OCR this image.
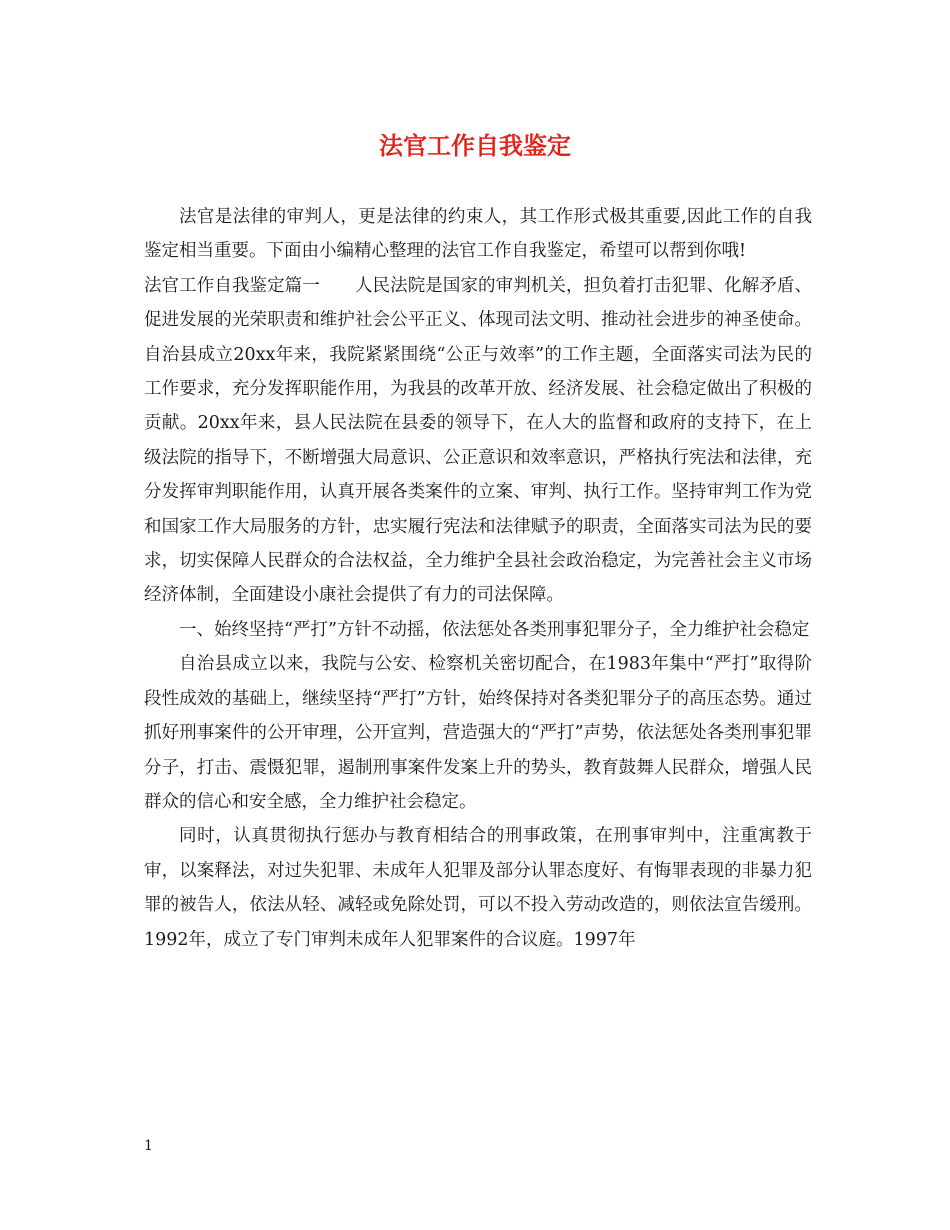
法官工作自我鉴定

法官是法律的审判人，更是法律的约束人，其工作形式极其重要,因此工作的自我鉴定相当重要。下面由小编精心整理的法官工作自我鉴定，希望可以帮到你哦!

法官工作自我鉴定篇一　　人民法院是国家的审判机关，担负着打击犯罪、化解矛盾、促进发展的光荣职责和维护社会公平正义、体现司法文明、推动社会进步的神圣使命。自治县成立20xx年来，我院紧紧围绕“公正与效率”的工作主题，全面落实司法为民的工作要求，充分发挥职能作用，为我县的改革开放、经济发展、社会稳定做出了积极的贡献。20xx年来，县人民法院在县委的领导下，在人大的监督和政府的支持下，在上级法院的指导下，不断增强大局意识、公正意识和效率意识，严格执行宪法和法律，充分发挥审判职能作用，认真开展各类案件的立案、审判、执行工作。坚持审判工作为党和国家工作大局服务的方针，忠实履行宪法和法律赋予的职责，全面落实司法为民的要求，切实保障人民群众的合法权益，全力维护全县社会政治稳定，为完善社会主义市场经济体制，全面建设小康社会提供了有力的司法保障。

一、始终坚持“严打”方针不动摇，依法惩处各类刑事犯罪分子，全力维护社会稳定

自治县成立以来，我院与公安、检察机关密切配合，在1983年集中“严打”取得阶段性成效的基础上，继续坚持“严打”方针，始终保持对各类犯罪分子的高压态势。通过抓好刑事案件的公开审理，公开宣判，营造强大的“严打”声势，依法惩处各类刑事犯罪分子，打击、震慑犯罪，遏制刑事案件发案上升的势头，教育鼓舞人民群众，增强人民群众的信心和安全感，全力维护社会稳定。

同时，认真贯彻执行惩办与教育相结合的刑事政策，在刑事审判中，注重寓教于审，以案释法，对过失犯罪、未成年人犯罪及部分认罪态度好、有悔罪表现的非暴力犯罪的被告人，依法从轻、减轻或免除处罚，可以不投入劳动改造的，则依法宣告缓刑。1992年，成立了专门审判未成年人犯罪案件的合议庭。1997年

1
